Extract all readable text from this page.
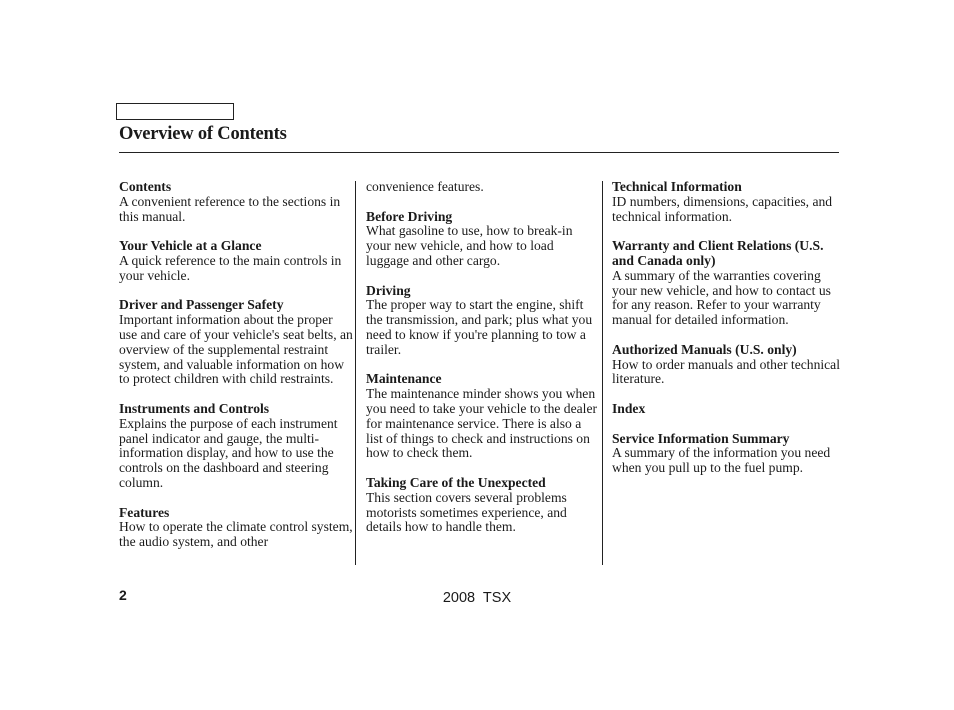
Overview of Contents
Contents
A convenient reference to the sections in this manual.
Your Vehicle at a Glance
A quick reference to the main controls in your vehicle.
Driver and Passenger Safety
Important information about the proper use and care of your vehicle's seat belts, an overview of the supplemental restraint system, and valuable information on how to protect children with child restraints.
Instruments and Controls
Explains the purpose of each instrument panel indicator and gauge, the multi-information display, and how to use the controls on the dashboard and steering column.
Features
How to operate the climate control system, the audio system, and other
convenience features.
Before Driving
What gasoline to use, how to break-in your new vehicle, and how to load luggage and other cargo.
Driving
The proper way to start the engine, shift the transmission, and park; plus what you need to know if you're planning to tow a trailer.
Maintenance
The maintenance minder shows you when you need to take your vehicle to the dealer for maintenance service. There is also a list of things to check and instructions on how to check them.
Taking Care of the Unexpected
This section covers several problems motorists sometimes experience, and details how to handle them.
Technical Information
ID numbers, dimensions, capacities, and technical information.
Warranty and Client Relations (U.S. and Canada only)
A summary of the warranties covering your new vehicle, and how to contact us for any reason. Refer to your warranty manual for detailed information.
Authorized Manuals (U.S. only)
How to order manuals and other technical literature.
Index
Service Information Summary
A summary of the information you need when you pull up to the fuel pump.
2	2008  TSX
